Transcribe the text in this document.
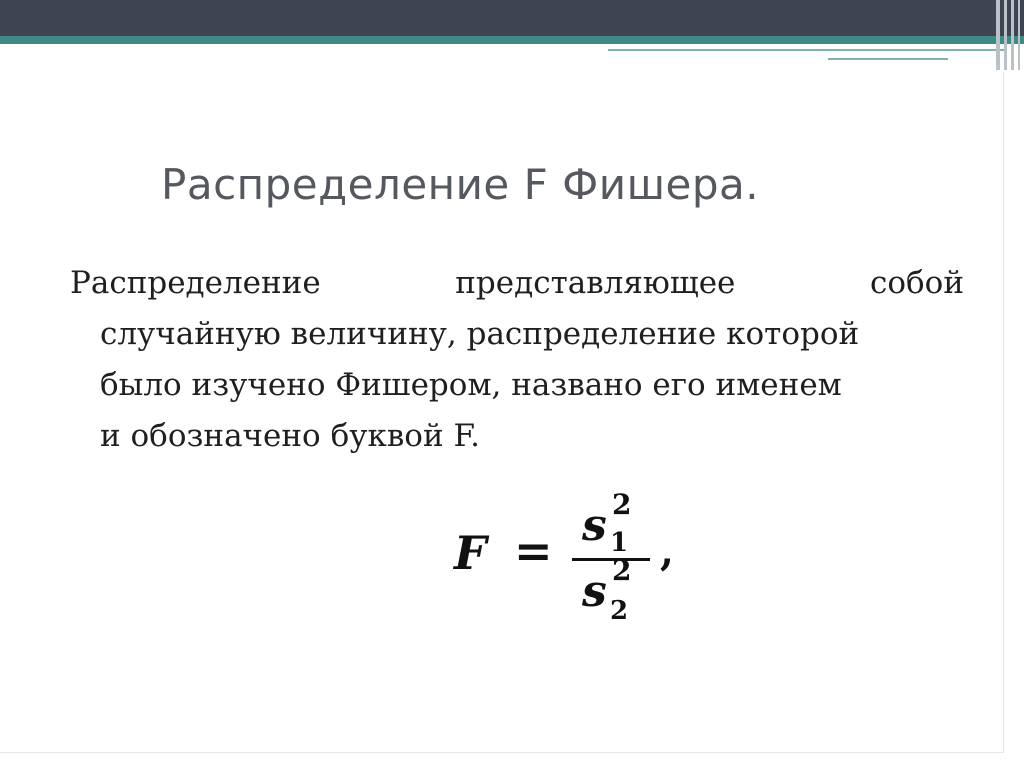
Распределение F Фишера.
Распределение	представляющее	собой
случайную величину, распределение которой
было изучено Фишером, названо его именем
и обозначено буквой F.
F = s 2
1
s 2
2
,
